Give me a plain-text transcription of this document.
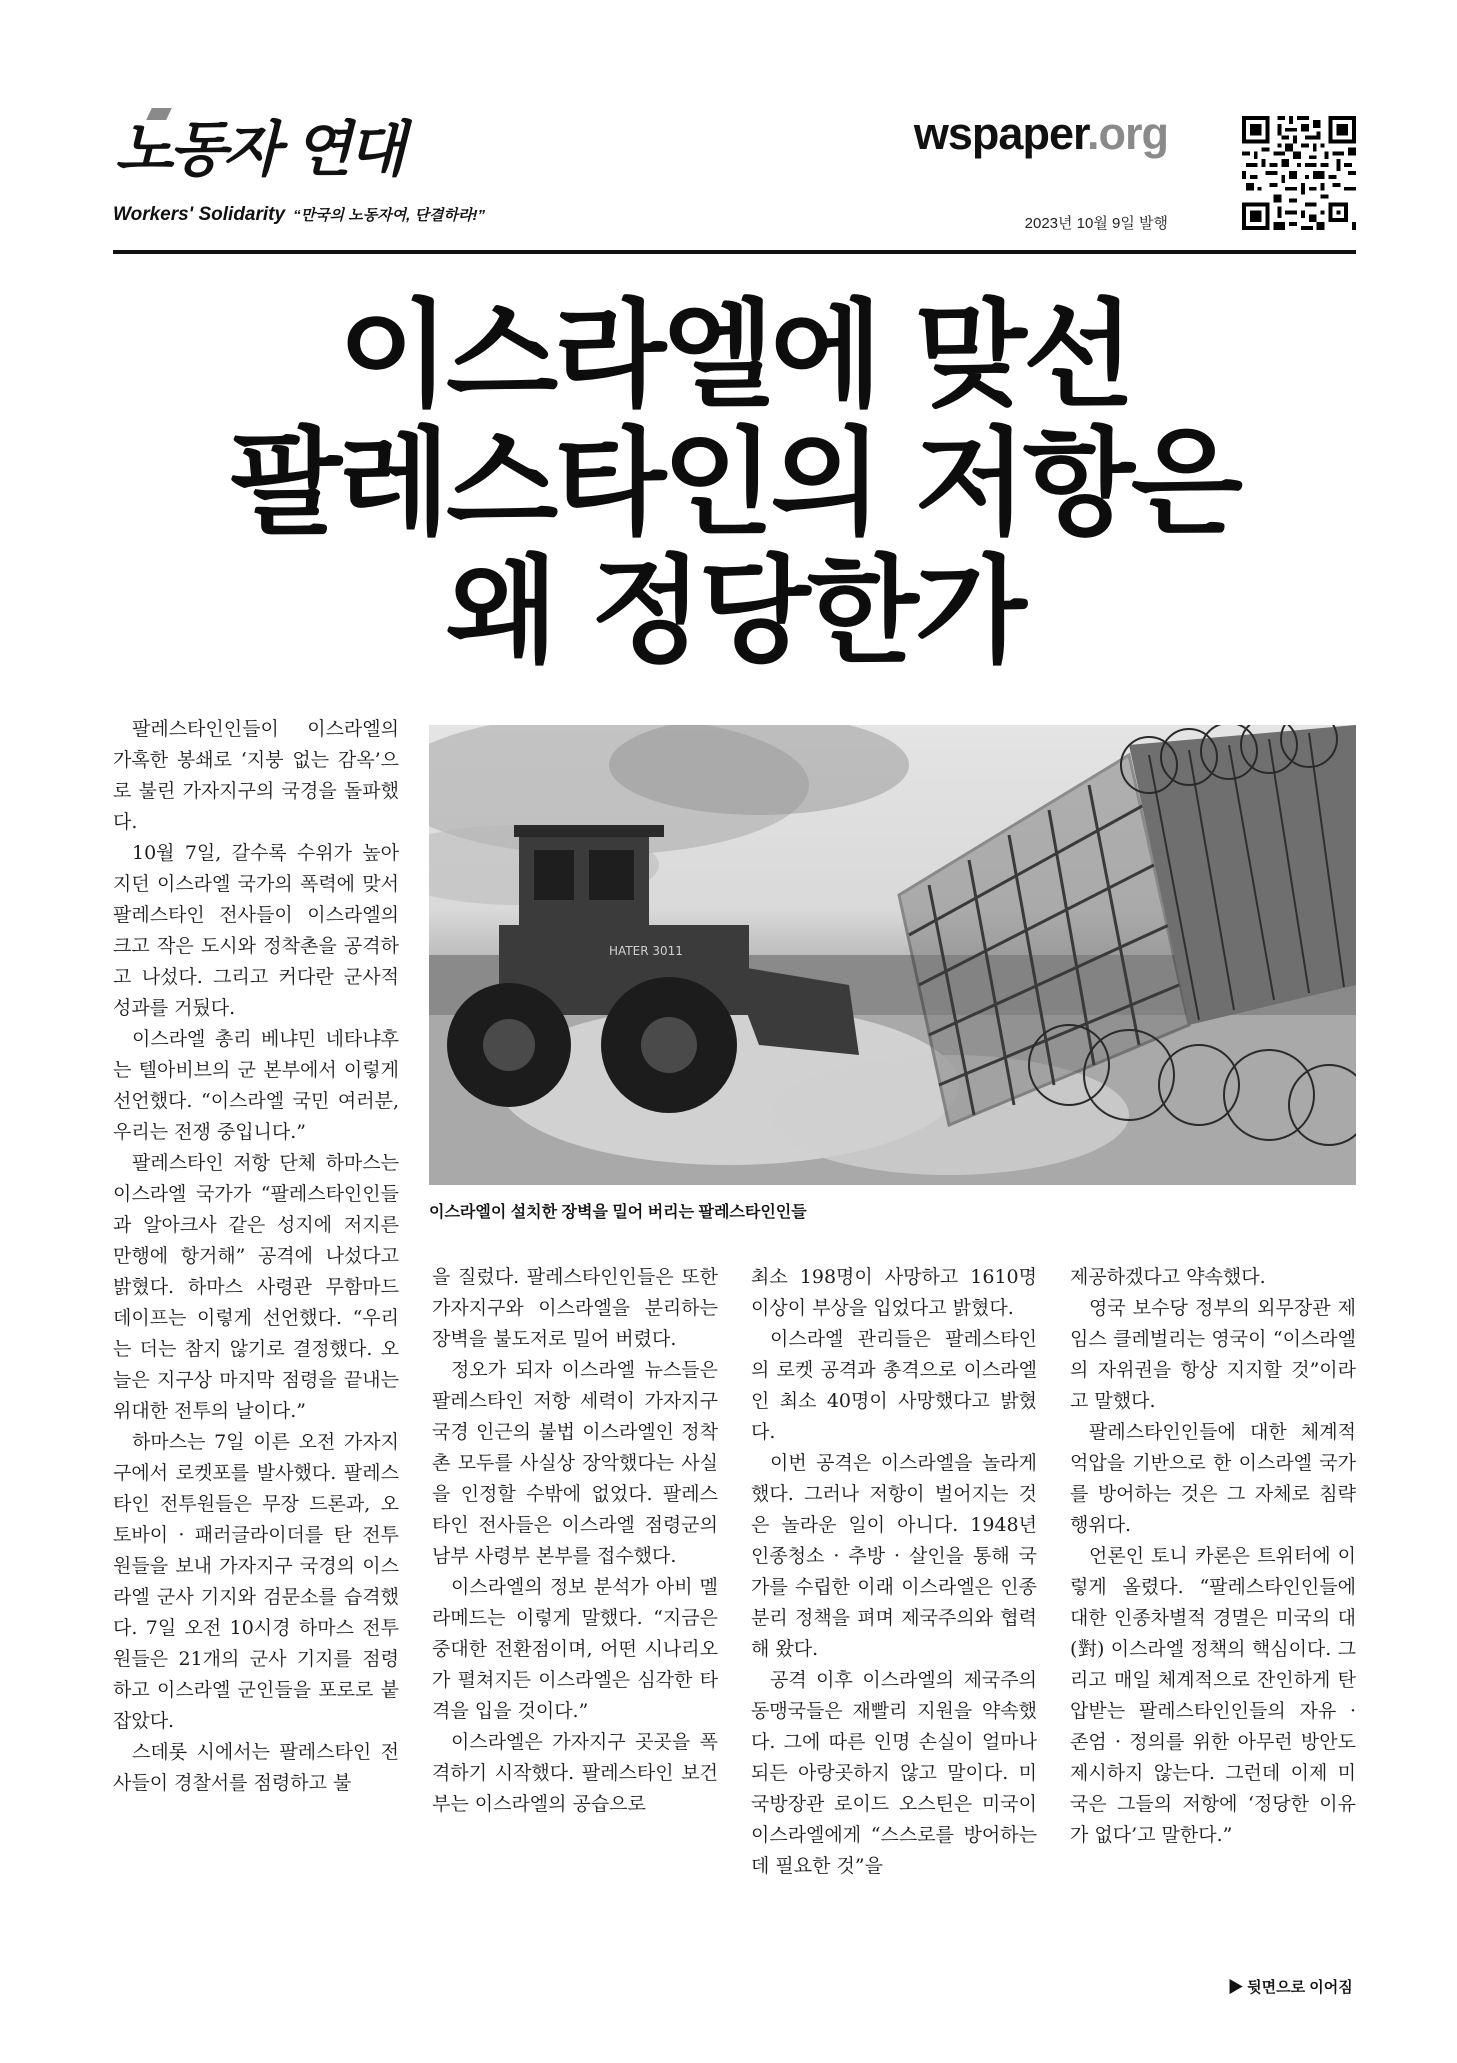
노동자 연대
Workers' Solidarity “만국의 노동자여, 단결하라!”
wspaper.org
2023년 10월 9일 발행
이스라엘에 맞선
팔레스타인의 저항은
왜 정당한가
HATER 3011
이스라엘이 설치한 장벽을 밀어 버리는 팔레스타인인들

팔레스타인인들이 이스라엘의 가혹한 봉쇄로 ‘지붕 없는 감옥’으로 불린 가자지구의 국경을 돌파했다.

10월 7일, 갈수록 수위가 높아지던 이스라엘 국가의 폭력에 맞서 팔레스타인 전사들이 이스라엘의 크고 작은 도시와 정착촌을 공격하고 나섰다. 그리고 커다란 군사적 성과를 거뒀다.

이스라엘 총리 베냐민 네타냐후는 텔아비브의 군 본부에서 이렇게 선언했다. “이스라엘 국민 여러분, 우리는 전쟁 중입니다.”

팔레스타인 저항 단체 하마스는 이스라엘 국가가 “팔레스타인인들과 알아크사 같은 성지에 저지른 만행에 항거해” 공격에 나섰다고 밝혔다. 하마스 사령관 무함마드 데이프는 이렇게 선언했다. “우리는 더는 참지 않기로 결정했다. 오늘은 지구상 마지막 점령을 끝내는 위대한 전투의 날이다.”

하마스는 7일 이른 오전 가자지구에서 로켓포를 발사했다. 팔레스타인 전투원들은 무장 드론과, 오토바이 · 패러글라이더를 탄 전투원들을 보내 가자지구 국경의 이스라엘 군사 기지와 검문소를 습격했다. 7일 오전 10시경 하마스 전투원들은 21개의 군사 기지를 점령하고 이스라엘 군인들을 포로로 붙잡았다.

스데롯 시에서는 팔레스타인 전사들이 경찰서를 점령하고 불

을 질렀다. 팔레스타인인들은 또한 가자지구와 이스라엘을 분리하는 장벽을 불도저로 밀어 버렸다.

정오가 되자 이스라엘 뉴스들은 팔레스타인 저항 세력이 가자지구 국경 인근의 불법 이스라엘인 정착촌 모두를 사실상 장악했다는 사실을 인정할 수밖에 없었다. 팔레스타인 전사들은 이스라엘 점령군의 남부 사령부 본부를 접수했다.

이스라엘의 정보 분석가 아비 멜라메드는 이렇게 말했다. “지금은 중대한 전환점이며, 어떤 시나리오가 펼쳐지든 이스라엘은 심각한 타격을 입을 것이다.”

이스라엘은 가자지구 곳곳을 폭격하기 시작했다. 팔레스타인 보건부는 이스라엘의 공습으로

최소 198명이 사망하고 1610명 이상이 부상을 입었다고 밝혔다.

이스라엘 관리들은 팔레스타인의 로켓 공격과 총격으로 이스라엘인 최소 40명이 사망했다고 밝혔다.

이번 공격은 이스라엘을 놀라게 했다. 그러나 저항이 벌어지는 것은 놀라운 일이 아니다. 1948년 인종청소 · 추방 · 살인을 통해 국가를 수립한 이래 이스라엘은 인종 분리 정책을 펴며 제국주의와 협력해 왔다.

공격 이후 이스라엘의 제국주의 동맹국들은 재빨리 지원을 약속했다. 그에 따른 인명 손실이 얼마나 되든 아랑곳하지 않고 말이다. 미 국방장관 로이드 오스틴은 미국이 이스라엘에게 “스스로를 방어하는 데 필요한 것”을

제공하겠다고 약속했다.

영국 보수당 정부의 외무장관 제임스 클레벌리는 영국이 “이스라엘의 자위권을 항상 지지할 것”이라고 말했다.

팔레스타인인들에 대한 체계적 억압을 기반으로 한 이스라엘 국가를 방어하는 것은 그 자체로 침략 행위다.

언론인 토니 카론은 트위터에 이렇게 올렸다. “팔레스타인인들에 대한 인종차별적 경멸은 미국의 대(對) 이스라엘 정책의 핵심이다. 그리고 매일 체계적으로 잔인하게 탄압받는 팔레스타인인들의 자유 · 존엄 · 정의를 위한 아무런 방안도 제시하지 않는다. 그런데 이제 미국은 그들의 저항에 ‘정당한 이유가 없다’고 말한다.”

▶ 뒷면으로 이어짐
